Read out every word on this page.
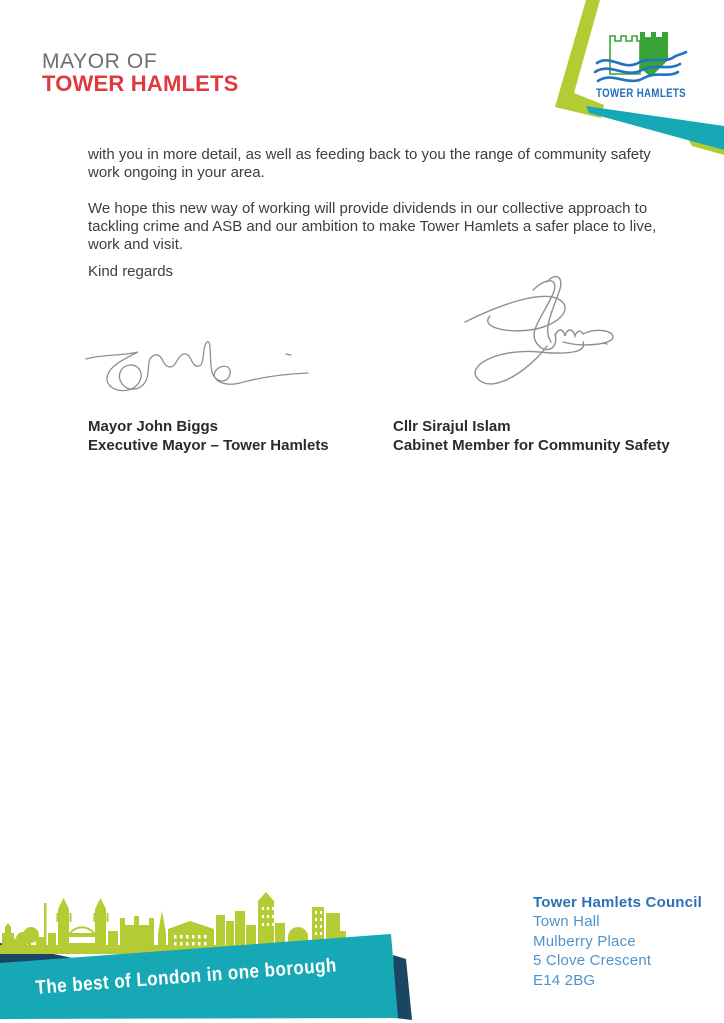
MAYOR OF
TOWER HAMLETS	TOWER HAMLETS
with you in more detail, as well as feeding back to you the range of community safety
work ongoing in your area.
We hope this new way of working will provide dividends in our collective approach to
tackling crime and ASB and our ambition to make Tower Hamlets a safer place to live,
work and visit.
Kind regards
Mayor John Biggs
Executive Mayor – Tower Hamlets
Cllr Sirajul Islam
Cabinet Member for Community Safety
The best of London in one borough
Tower Hamlets Council
Town Hall
Mulberry Place
5 Clove Crescent
E14 2BG
